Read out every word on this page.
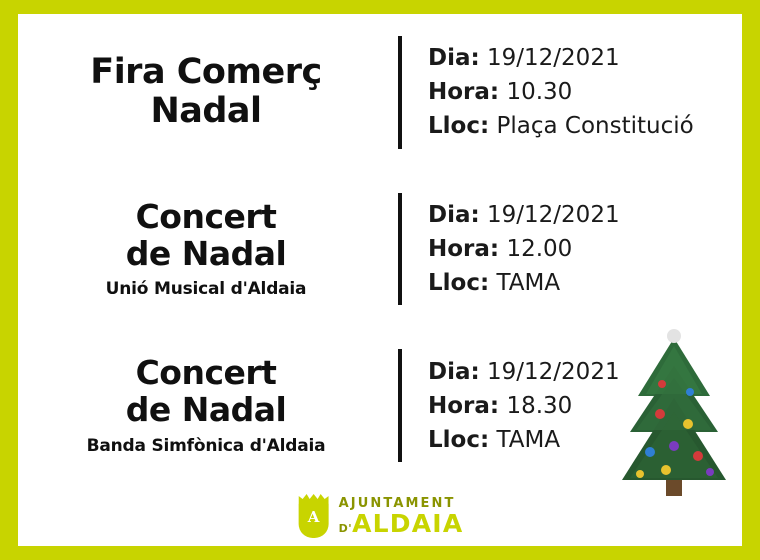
Fira Comerç
Nadal
Dia: 19/12/2021
Hora: 10.30
Lloc: Plaça Constitució
Concert
de Nadal
Unió Musical d'Aldaia
Dia: 19/12/2021
Hora: 12.00
Lloc: TAMA
Concert
de Nadal
Banda Simfònica d'Aldaia
Dia: 19/12/2021
Hora: 18.30
Lloc: TAMA
A
AJUNTAMENT
D'ALDAIA
